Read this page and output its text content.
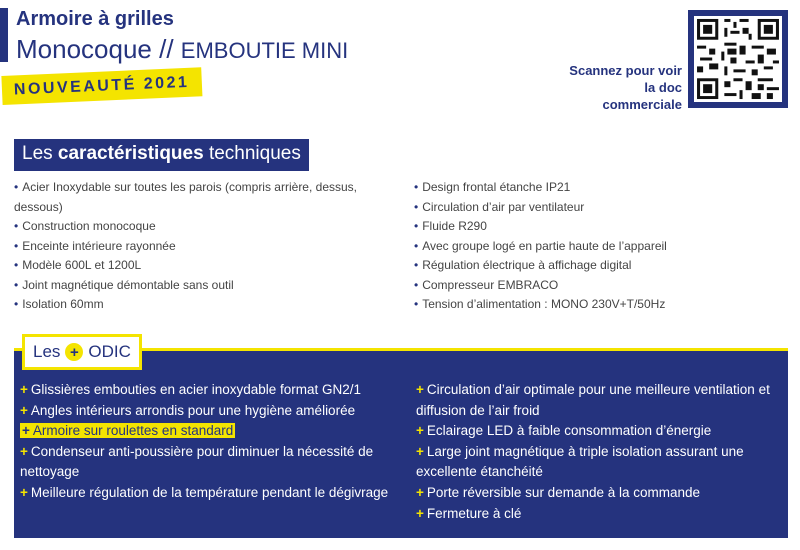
Armoire à grilles
Monocoque // EMBOUTIE MINI
NOUVEAUTÉ 2021
Scannez pour voir la doc commerciale
Les caractéristiques techniques
• Acier Inoxydable sur toutes les parois (compris arrière, dessus, dessous)
• Construction monocoque
• Enceinte intérieure rayonnée
• Modèle 600L et 1200L
• Joint magnétique démontable sans outil
• Isolation 60mm
• Design frontal étanche IP21
• Circulation d’air par ventilateur
• Fluide R290
• Avec groupe logé en partie haute de l’appareil
• Régulation électrique à affichage digital
• Compresseur EMBRACO
• Tension d’alimentation : MONO 230V+T/50Hz
Les + ODIC
+ Glissières embouties en acier inoxydable format GN2/1
+ Angles intérieurs arrondis pour une hygiène améliorée
+ Armoire sur roulettes en standard
+ Condenseur anti-poussière pour diminuer la nécessité de nettoyage
+ Meilleure régulation de la température pendant le dégivrage
+ Circulation d’air optimale pour une meilleure ventilation et diffusion de l’air froid
+ Eclairage LED à faible consommation d’énergie
+ Large joint magnétique à triple isolation assurant une excellente étanchéité
+ Porte réversible sur demande à la commande
+ Fermeture à clé
